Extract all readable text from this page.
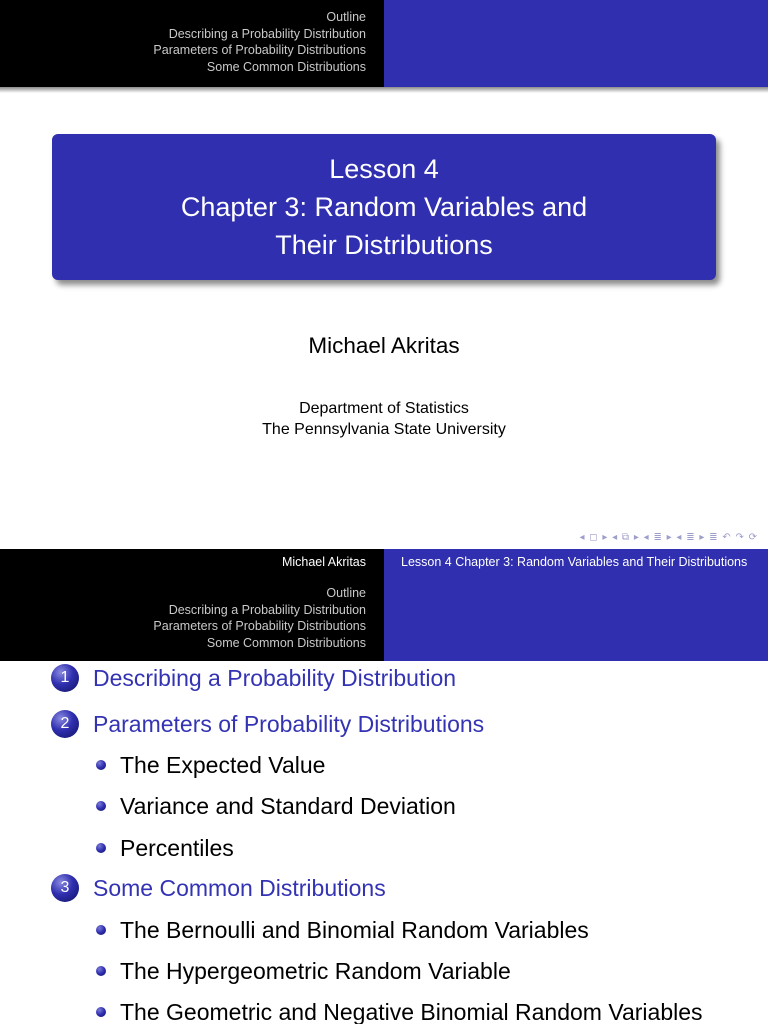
Outline
Describing a Probability Distribution
Parameters of Probability Distributions
Some Common Distributions
Lesson 4
Chapter 3: Random Variables and
Their Distributions
Michael Akritas
Department of Statistics
The Pennsylvania State University
◂ ◻ ▸ ◂ ⧉ ▸ ◂ ≣ ▸ ◂ ≣ ▸ ≣ ↶ ↷ ⟳
Michael Akritas	Lesson 4 Chapter 3: Random Variables and Their Distributions
Outline
Describing a Probability Distribution
Parameters of Probability Distributions
Some Common Distributions
1	Describing a Probability Distribution
2	Parameters of Probability Distributions
The Expected Value
Variance and Standard Deviation
Percentiles
3	Some Common Distributions
The Bernoulli and Binomial Random Variables
The Hypergeometric Random Variable
The Geometric and Negative Binomial Random Variables
